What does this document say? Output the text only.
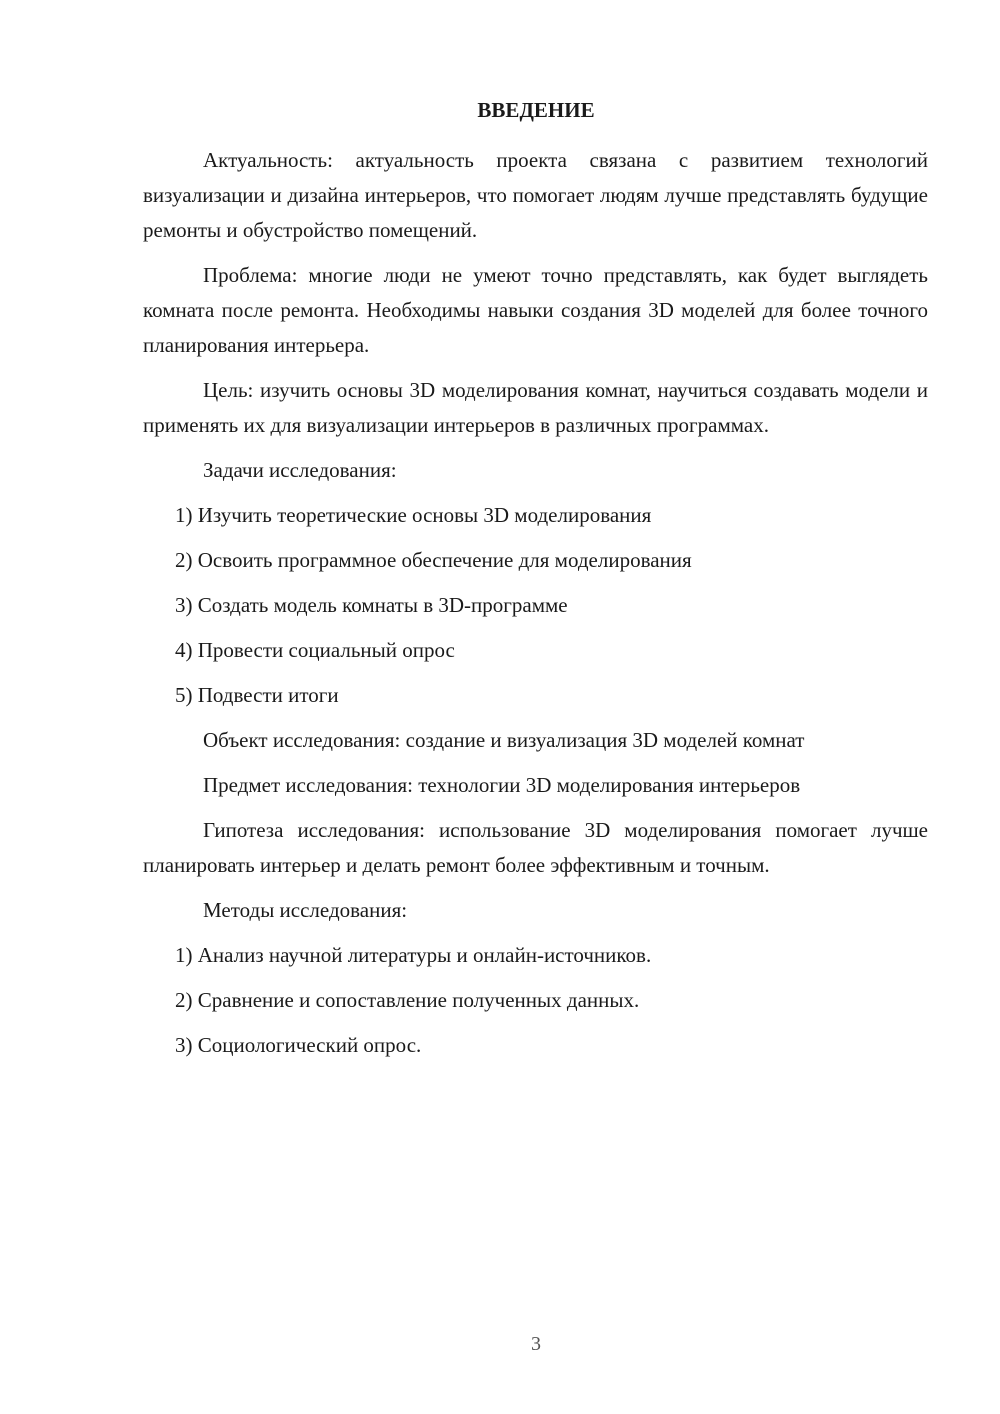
ВВЕДЕНИЕ

Актуальность: актуальность проекта связана с развитием технологий визуализации и дизайна интерьеров, что помогает людям лучше представлять будущие ремонты и обустройство помещений.

Проблема: многие люди не умеют точно представлять, как будет выглядеть комната после ремонта. Необходимы навыки создания 3D моделей для более точного планирования интерьера.

Цель: изучить основы 3D моделирования комнат, научиться создавать модели и применять их для визуализации интерьеров в различных программах.

Задачи исследования:

1) Изучить теоретические основы 3D моделирования
2) Освоить программное обеспечение для моделирования
3) Создать модель комнаты в 3D-программе
4) Провести социальный опрос
5) Подвести итоги

Объект исследования: создание и визуализация 3D моделей комнат

Предмет исследования: технологии 3D моделирования интерьеров

Гипотеза исследования: использование 3D моделирования помогает лучше планировать интерьер и делать ремонт более эффективным и точным.

Методы исследования:

1) Анализ научной литературы и онлайн-источников.
2) Сравнение и сопоставление полученных данных.
3) Социологический опрос.
3
